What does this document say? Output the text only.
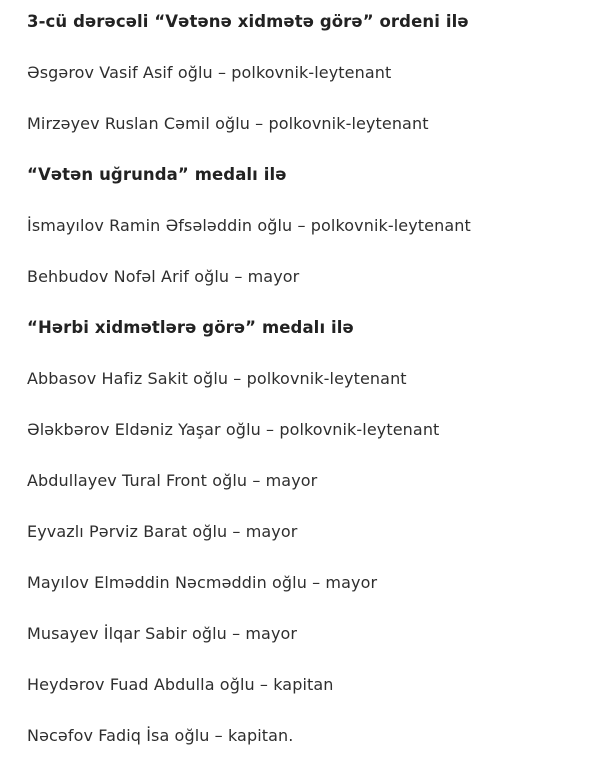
3-cü dərəcəli “Vətənə xidmətə görə” ordeni ilə
Əsgərov Vasif Asif oğlu – polkovnik-leytenant
Mirzəyev Ruslan Cəmil oğlu – polkovnik-leytenant
“Vətən uğrunda” medalı ilə
İsmayılov Ramin Əfsələddin oğlu – polkovnik-leytenant
Behbudov Nofəl Arif oğlu – mayor
“Hərbi xidmətlərə görə” medalı ilə
Abbasov Hafiz Sakit oğlu – polkovnik-leytenant
Ələkbərov Eldəniz Yaşar oğlu – polkovnik-leytenant
Abdullayev Tural Front oğlu – mayor
Eyvazlı Pərviz Barat oğlu – mayor
Mayılov Elməddin Nəcməddin oğlu – mayor
Musayev İlqar Sabir oğlu – mayor
Heydərov Fuad Abdulla oğlu – kapitan
Nəcəfov Fadiq İsa oğlu – kapitan.
